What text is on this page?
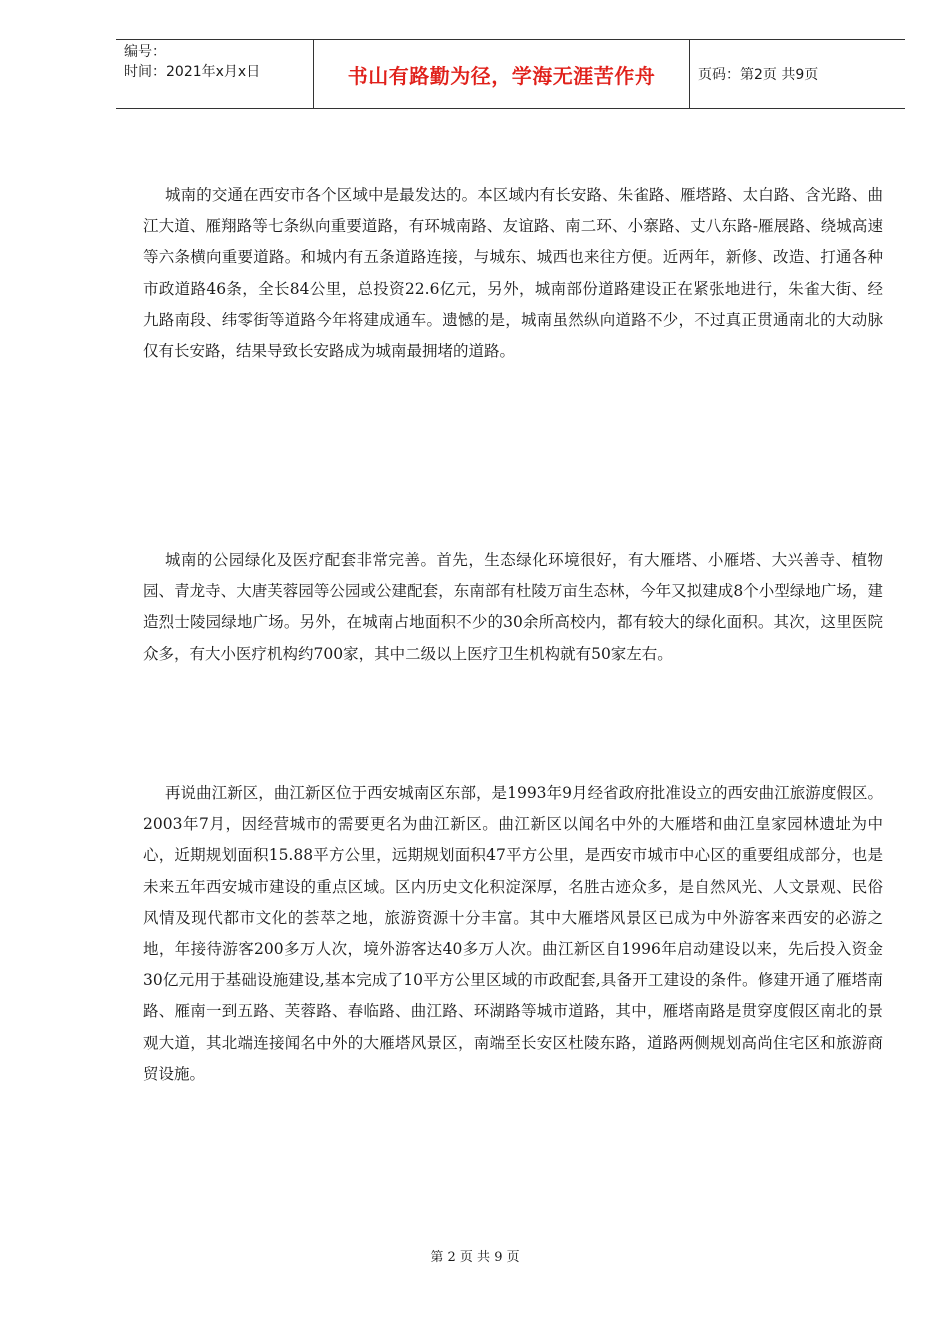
编号：
时间：2021年x月x日	书山有路勤为径，学海无涯苦作舟	页码：第2页 共9页

城南的交通在西安市各个区域中是最发达的。本区域内有长安路、朱雀路、雁塔路、太白路、含光路、曲江大道、雁翔路等七条纵向重要道路，有环城南路、友谊路、南二环、小寨路、丈八东路-雁展路、绕城高速等六条横向重要道路。和城内有五条道路连接，与城东、城西也来往方便。近两年，新修、改造、打通各种市政道路46条，全长84公里，总投资22.6亿元，另外，城南部份道路建设正在紧张地进行，朱雀大街、经九路南段、纬零街等道路今年将建成通车。遗憾的是，城南虽然纵向道路不少，不过真正贯通南北的大动脉仅有长安路，结果导致长安路成为城南最拥堵的道路。

城南的公园绿化及医疗配套非常完善。首先，生态绿化环境很好，有大雁塔、小雁塔、大兴善寺、植物园、青龙寺、大唐芙蓉园等公园或公建配套，东南部有杜陵万亩生态林，今年又拟建成8个小型绿地广场，建造烈士陵园绿地广场。另外，在城南占地面积不少的30余所高校内，都有较大的绿化面积。其次，这里医院众多，有大小医疗机构约700家，其中二级以上医疗卫生机构就有50家左右。

再说曲江新区，曲江新区位于西安城南区东部，是1993年9月经省政府批准设立的西安曲江旅游度假区。2003年7月，因经营城市的需要更名为曲江新区。曲江新区以闻名中外的大雁塔和曲江皇家园林遗址为中心，近期规划面积15.88平方公里，远期规划面积47平方公里，是西安市城市中心区的重要组成部分，也是未来五年西安城市建设的重点区域。区内历史文化积淀深厚，名胜古迹众多，是自然风光、人文景观、民俗风情及现代都市文化的荟萃之地，旅游资源十分丰富。其中大雁塔风景区已成为中外游客来西安的必游之地，年接待游客200多万人次，境外游客达40多万人次。曲江新区自1996年启动建设以来，先后投入资金30亿元用于基础设施建设,基本完成了10平方公里区域的市政配套,具备开工建设的条件。修建开通了雁塔南路、雁南一到五路、芙蓉路、春临路、曲江路、环湖路等城市道路，其中，雁塔南路是贯穿度假区南北的景观大道，其北端连接闻名中外的大雁塔风景区，南端至长安区杜陵东路，道路两侧规划高尚住宅区和旅游商贸设施。

第 2 页 共 9 页
